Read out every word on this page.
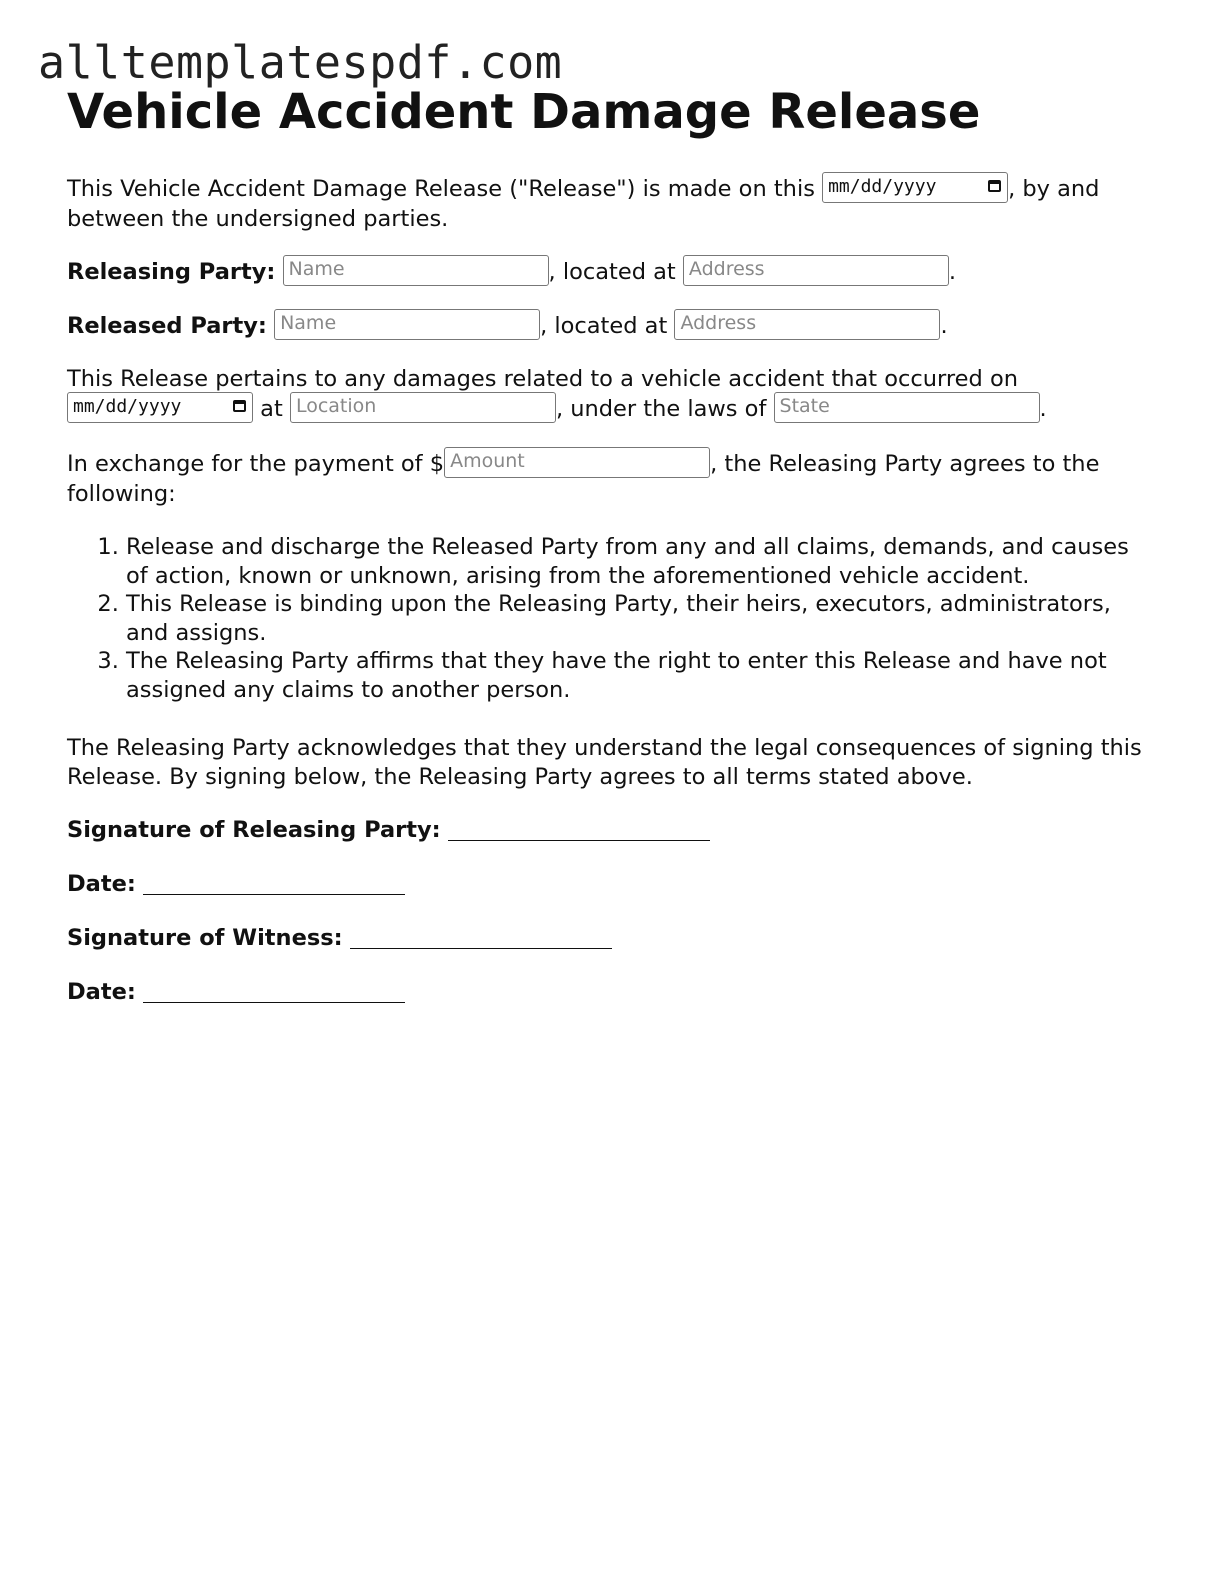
alltemplatespdf.com
Vehicle Accident Damage Release

This Vehicle Accident Damage Release ("Release") is made on this mm/dd/yyyy	, by and between the undersigned parties.

Releasing Party: Name	, located at Address	.

Released Party: Name	, located at Address	.

This Release pertains to any damages related to a vehicle accident that occurred on
mm/dd/yyyy	at Location	, under the laws of State	.

In exchange for the payment of $ Amount	, the Releasing Party agrees to the following:

1. Release and discharge the Released Party from any and all claims, demands, and causes of action, known or unknown, arising from the aforementioned vehicle accident.
2. This Release is binding upon the Releasing Party, their heirs, executors, administrators, and assigns.
3. The Releasing Party affirms that they have the right to enter this Release and have not assigned any claims to another person.

The Releasing Party acknowledges that they understand the legal consequences of signing this Release. By signing below, the Releasing Party agrees to all terms stated above.

Signature of Releasing Party:

Date:

Signature of Witness:

Date:
